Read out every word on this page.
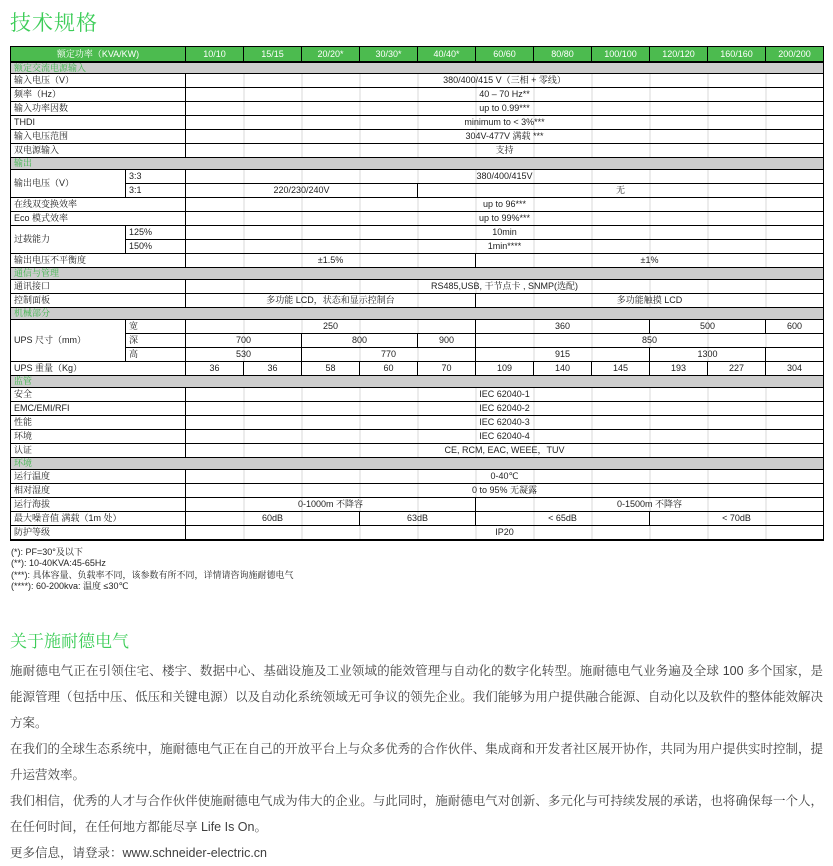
技术规格
额定功率（KVA/KW)		10/10	15/15	20/20*	30/30*	40/40*	60/60	80/80	100/100	120/120	160/160	200/200
额定交流电源输入												
输入电压（V）		380/400/415 V（三相 + 零线）										
频率（Hz）		40 – 70 Hz**										
输入功率因数		up to 0.99***										
THDI		minimum to < 3%***										
输入电压范围		304V-477V 满载 ***										
双电源输入		支持										
输出												
输出电压（V）	3:3	380/400/415V										
	3:1	220/230/240V				无						
在线双变换效率		up to 96***										
Eco 模式效率		up to 99%***										
过载能力	125%	10min										
	150%	1min****										
输出电压不平衡度		±1.5%					±1%					
通信与管理												
通讯接口		RS485,USB, 干节点卡 , SNMP(选配)										
控制面板		多功能 LCD，状态和显示控制台					多功能触摸 LCD					
机械部分												
UPS 尺寸（mm）	宽	250					360			500		600
	深	700		800		900	850					
	高	530		770			915			1300		
UPS 重量（Kg）		36	36	58	60	70	109	140	145	193	227	304
监管												
安全		IEC 62040-1										
EMC/EMI/RFI		IEC 62040-2										
性能		IEC 62040-3										
环境		IEC 62040-4										
认证		CE, RCM, EAC, WEEE，TUV										
环境												
运行温度		0-40℃										
相对湿度		0 to 95% 无凝露										
运行海拔		0-1000m 不降容					0-1500m 不降容					
最大噪音值 满载（1m 处）		60dB			63dB		< 65dB			< 70dB		
防护等级		IP20										
(*): PF=30°及以下
(**): 10-40KVA:45-65Hz
(***): 具体容量、负载率不同，该参数有所不同，详情请咨询施耐德电气
(****): 60-200kva: 温度 ≤30℃
关于施耐德电气

施耐德电气正在引领住宅、楼宇、数据中心、基础设施及工业领域的能效管理与自动化的数字化转型。施耐德电气业务遍及全球 100 多个国家，是能源管理（包括中压、低压和关键电源）以及自动化系统领域无可争议的领先企业。我们能够为用户提供融合能源、自动化以及软件的整体能效解决方案。

在我们的全球生态系统中，施耐德电气正在自己的开放平台上与众多优秀的合作伙伴、集成商和开发者社区展开协作，共同为用户提供实时控制，提升运营效率。

我们相信，优秀的人才与合作伙伴使施耐德电气成为伟大的企业。与此同时，施耐德电气对创新、多元化与可持续发展的承诺，也将确保每一个人，在任何时间，在任何地方都能尽享 Life Is On。

更多信息，请登录：www.schneider-electric.cn
